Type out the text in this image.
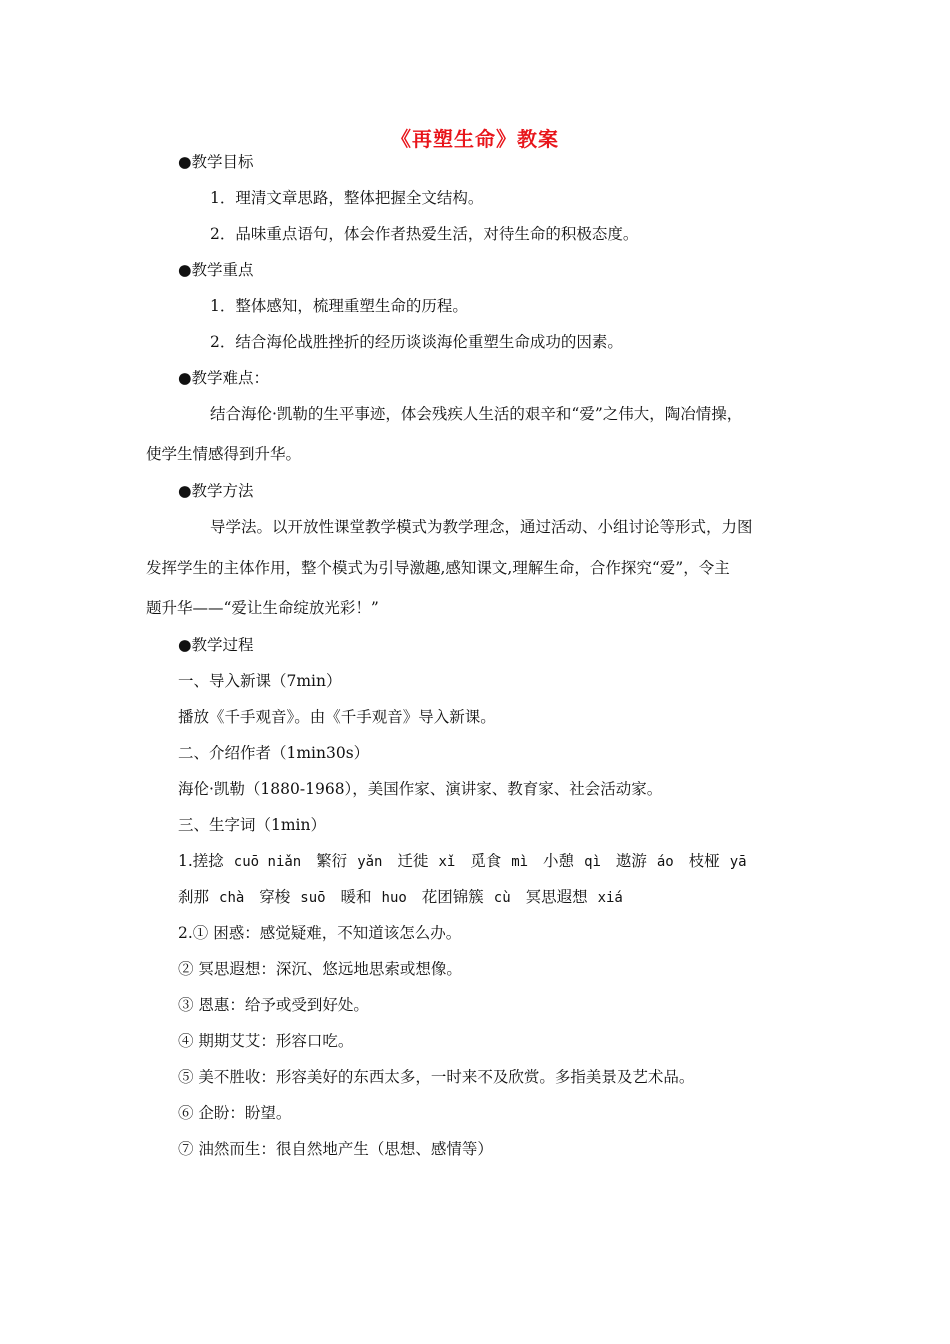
《再塑生命》教案
●教学目标
1．理清文章思路，整体把握全文结构。
2．品味重点语句，体会作者热爱生活，对待生命的积极态度。
●教学重点
1．整体感知，梳理重塑生命的历程。
2．结合海伦战胜挫折的经历谈谈海伦重塑生命成功的因素。
●教学难点：
结合海伦·凯勒的生平事迹，体会残疾人生活的艰辛和“爱”之伟大，陶冶情操，
使学生情感得到升华。
●教学方法
导学法。以开放性课堂教学模式为教学理念，通过活动、小组讨论等形式，力图
发挥学生的主体作用，整个模式为引导激趣,感知课文,理解生命，合作探究“爱”，令主
题升华——“爱让生命绽放光彩！”
●教学过程
一、导入新课（7min）
播放《千手观音》。由《千手观音》导入新课。
二、介绍作者（1min30s）
海伦·凯勒（1880-1968），美国作家、演讲家、教育家、社会活动家。
三、生字词（1min）
1.搓捻 cuō niǎn 繁衍 yǎn 迁徙 xǐ 觅食 mì 小憩 qì 遨游 áo 枝桠 yā
刹那 chà 穿梭 suō 暖和 huo 花团锦簇 cù 冥思遐想 xiá
2.① 困惑：感觉疑难，不知道该怎么办。
② 冥思遐想：深沉、悠远地思索或想像。
③ 恩惠：给予或受到好处。
④ 期期艾艾：形容口吃。
⑤ 美不胜收：形容美好的东西太多，一时来不及欣赏。多指美景及艺术品。
⑥ 企盼：盼望。
⑦ 油然而生：很自然地产生（思想、感情等）
